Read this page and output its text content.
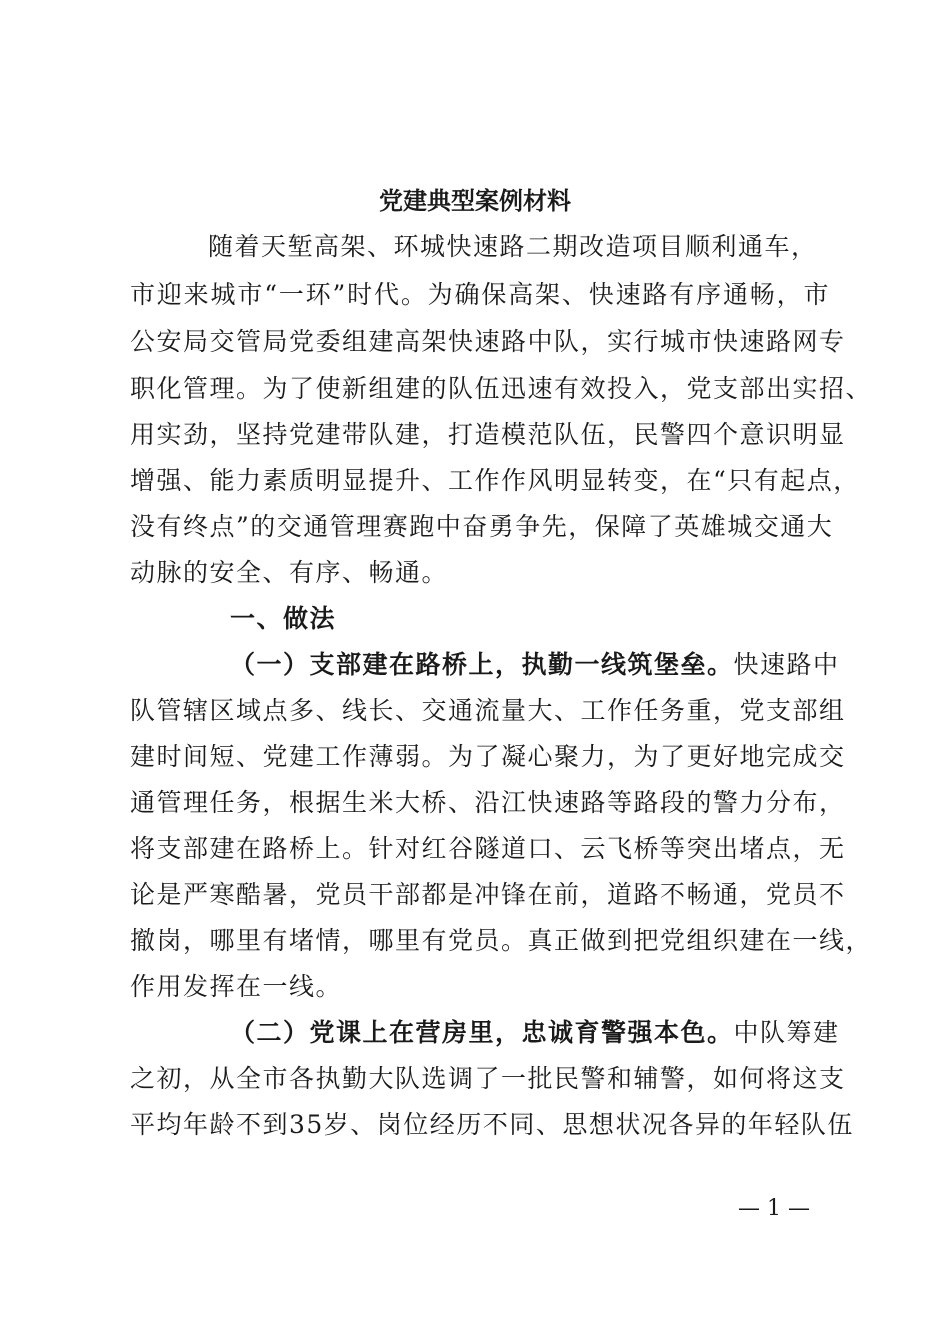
党建典型案例材料
随着天堑高架、环城快速路二期改造项目顺利通车，
市迎来城市“一环”时代。为确保高架、快速路有序通畅，市
公安局交管局党委组建高架快速路中队，实行城市快速路网专
职化管理。为了使新组建的队伍迅速有效投入，党支部出实招、
用实劲，坚持党建带队建，打造模范队伍，民警四个意识明显
增强、能力素质明显提升、工作作风明显转变，在“只有起点，
没有终点”的交通管理赛跑中奋勇争先，保障了英雄城交通大
动脉的安全、有序、畅通。
一、做法
（一）支部建在路桥上，执勤一线筑堡垒。快速路中
队管辖区域点多、线长、交通流量大、工作任务重，党支部组
建时间短、党建工作薄弱。为了凝心聚力，为了更好地完成交
通管理任务，根据生米大桥、沿江快速路等路段的警力分布，
将支部建在路桥上。针对红谷隧道口、云飞桥等突出堵点，无
论是严寒酷暑，党员干部都是冲锋在前，道路不畅通，党员不
撤岗，哪里有堵情，哪里有党员。真正做到把党组织建在一线，
作用发挥在一线。
（二）党课上在营房里，忠诚育警强本色。中队筹建
之初，从全市各执勤大队选调了一批民警和辅警，如何将这支
平均年龄不到35岁、岗位经历不同、思想状况各异的年轻队伍
— 1 —
